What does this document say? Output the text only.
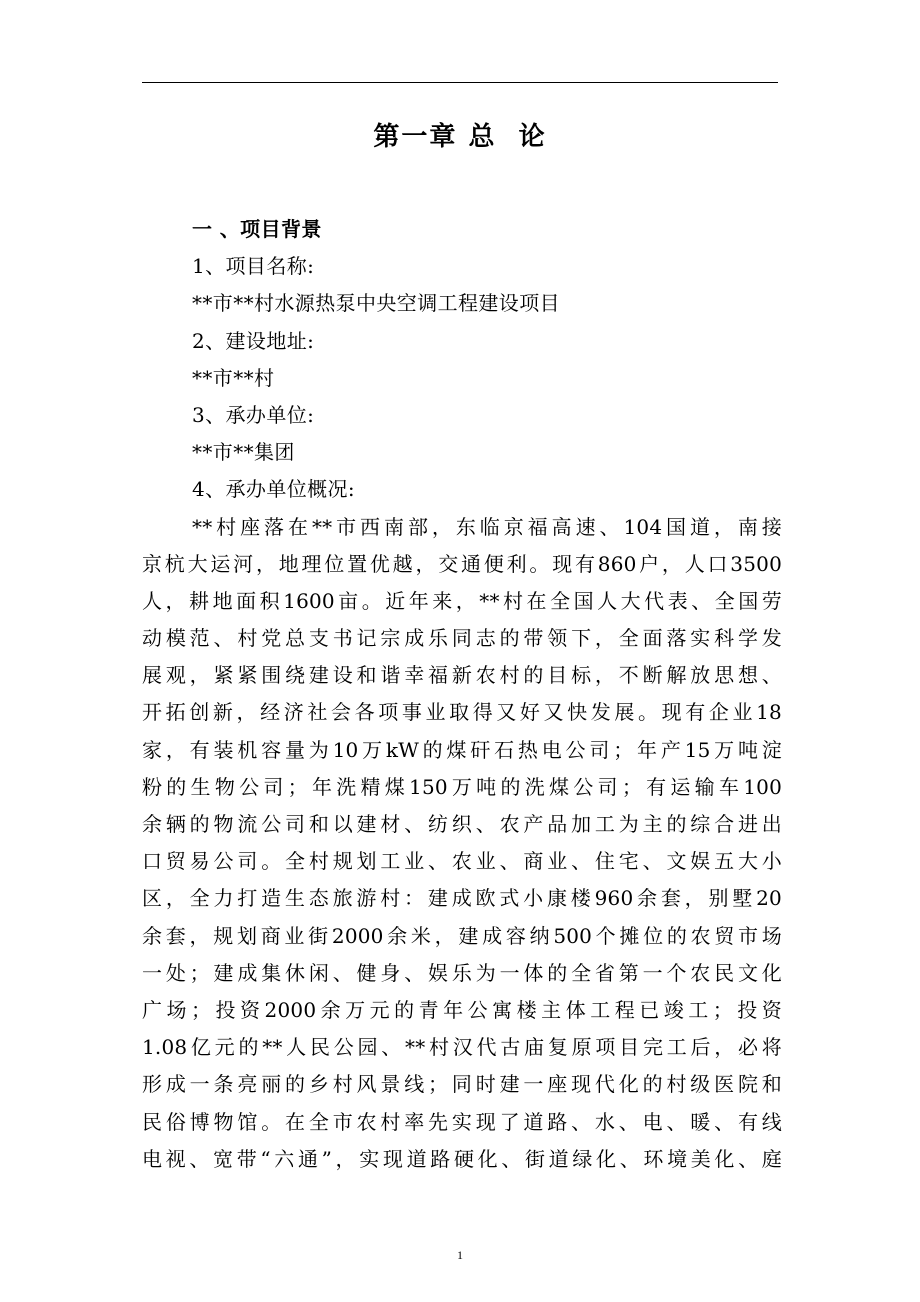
第一章 总  论
一 、项目背景
1、项目名称:
**市**村水源热泵中央空调工程建设项目
2、建设地址:
**市**村
3、承办单位:
**市**集团
4、承办单位概况:
**村座落在**市西南部，东临京福高速、104国道，南接
京杭大运河，地理位置优越，交通便利。现有860户，人口3500
人，耕地面积1600亩。近年来，**村在全国人大代表、全国劳
动模范、村党总支书记宗成乐同志的带领下，全面落实科学发
展观，紧紧围绕建设和谐幸福新农村的目标，不断解放思想、
开拓创新，经济社会各项事业取得又好又快发展。现有企业18
家，有装机容量为10万kW的煤矸石热电公司；年产15万吨淀
粉的生物公司；年洗精煤150万吨的洗煤公司；有运输车100
余辆的物流公司和以建材、纺织、农产品加工为主的综合进出
口贸易公司。全村规划工业、农业、商业、住宅、文娱五大小
区，全力打造生态旅游村：建成欧式小康楼960余套，别墅20
余套，规划商业街2000余米，建成容纳500个摊位的农贸市场
一处；建成集休闲、健身、娱乐为一体的全省第一个农民文化
广场；投资2000余万元的青年公寓楼主体工程已竣工；投资
1.08亿元的**人民公园、**村汉代古庙复原项目完工后，必将
形成一条亮丽的乡村风景线；同时建一座现代化的村级医院和
民俗博物馆。在全市农村率先实现了道路、水、电、暖、有线
电视、宽带“六通”，实现道路硬化、街道绿化、环境美化、庭
1
